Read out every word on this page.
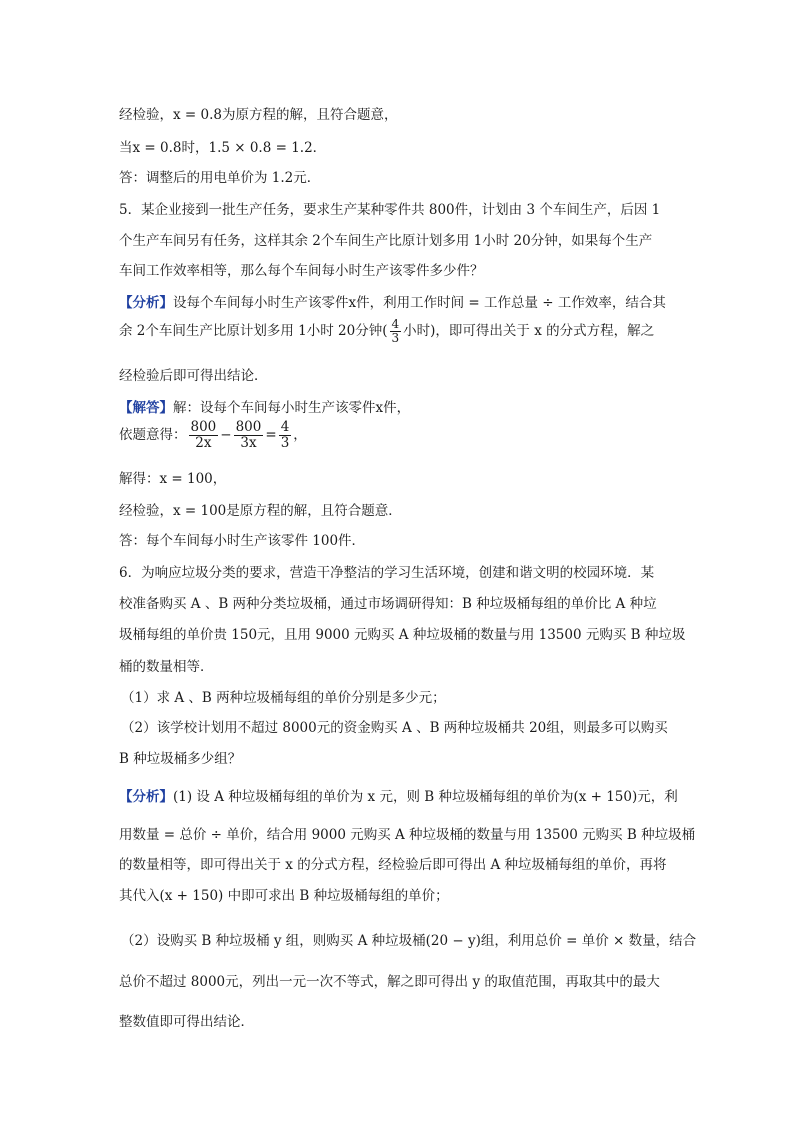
经检验，x = 0.8为原方程的解，且符合题意，
当x = 0.8时，1.5 × 0.8 = 1.2．
答：调整后的用电单价为 1.2元．
5．某企业接到一批生产任务，要求生产某种零件共 800件，计划由 3 个车间生产，后因 1
个生产车间另有任务，这样其余 2个车间生产比原计划多用 1小时 20分钟，如果每个生产
车间工作效率相等，那么每个车间每小时生产该零件多少件？
【分析】设每个车间每小时生产该零件x件，利用工作时间 = 工作总量 ÷ 工作效率，结合其
余 2个车间生产比原计划多用 1小时 20分钟( $\frac{4}{3}$ 小时)，即可得出关于 x 的分式方程，解之
经检验后即可得出结论．
【解答】解：设每个车间每小时生产该零件x件，
依题意得： $\frac{800}{2x} - \frac{800}{3x} = \frac{4}{3}$ ，
解得：x = 100，
经检验，x = 100是原方程的解，且符合题意．
答：每个车间每小时生产该零件 100件．
6．为响应垃圾分类的要求，营造干净整洁的学习生活环境，创建和谐文明的校园环境．某
校准备购买 A 、B 两种分类垃圾桶，通过市场调研得知：B 种垃圾桶每组的单价比 A 种垃
圾桶每组的单价贵 150元，且用 9000 元购买 A 种垃圾桶的数量与用 13500 元购买 B 种垃圾
桶的数量相等．
（1）求 A 、B 两种垃圾桶每组的单价分别是多少元；
（2）该学校计划用不超过 8000元的资金购买 A 、B 两种垃圾桶共 20组，则最多可以购买
B 种垃圾桶多少组？
【分析】(1) 设 A 种垃圾桶每组的单价为 x 元，则 B 种垃圾桶每组的单价为(x + 150)元，利
用数量 = 总价 ÷ 单价，结合用 9000 元购买 A 种垃圾桶的数量与用 13500 元购买 B 种垃圾桶
的数量相等，即可得出关于 x 的分式方程，经检验后即可得出 A 种垃圾桶每组的单价，再将
其代入(x + 150) 中即可求出 B 种垃圾桶每组的单价；
（2）设购买 B 种垃圾桶 y 组，则购买 A 种垃圾桶(20 − y)组，利用总价 = 单价 × 数量，结合
总价不超过 8000元，列出一元一次不等式，解之即可得出 y 的取值范围，再取其中的最大
整数值即可得出结论．
